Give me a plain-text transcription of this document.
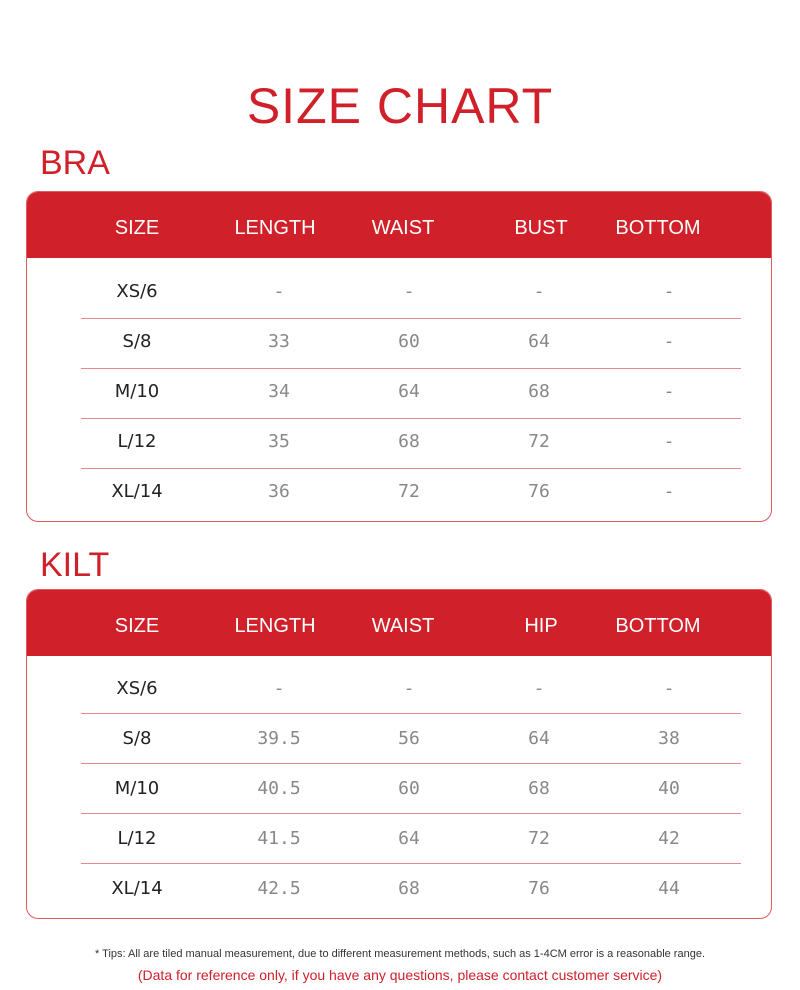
SIZE CHART
BRA
SIZE	LENGTH	WAIST	BUST	BOTTOM
XS/6	-	-	-	-
S/8	33	60	64	-
M/10	34	64	68	-
L/12	35	68	72	-
XL/14	36	72	76	-
KILT
SIZE	LENGTH	WAIST	HIP	BOTTOM
XS/6	-	-	-	-
S/8	39.5	56	64	38
M/10	40.5	60	68	40
L/12	41.5	64	72	42
XL/14	42.5	68	76	44
* Tips: All are tiled manual measurement, due to different measurement methods, such as 1-4CM error is a reasonable range.
(Data for reference only, if you have any questions, please contact customer service)
